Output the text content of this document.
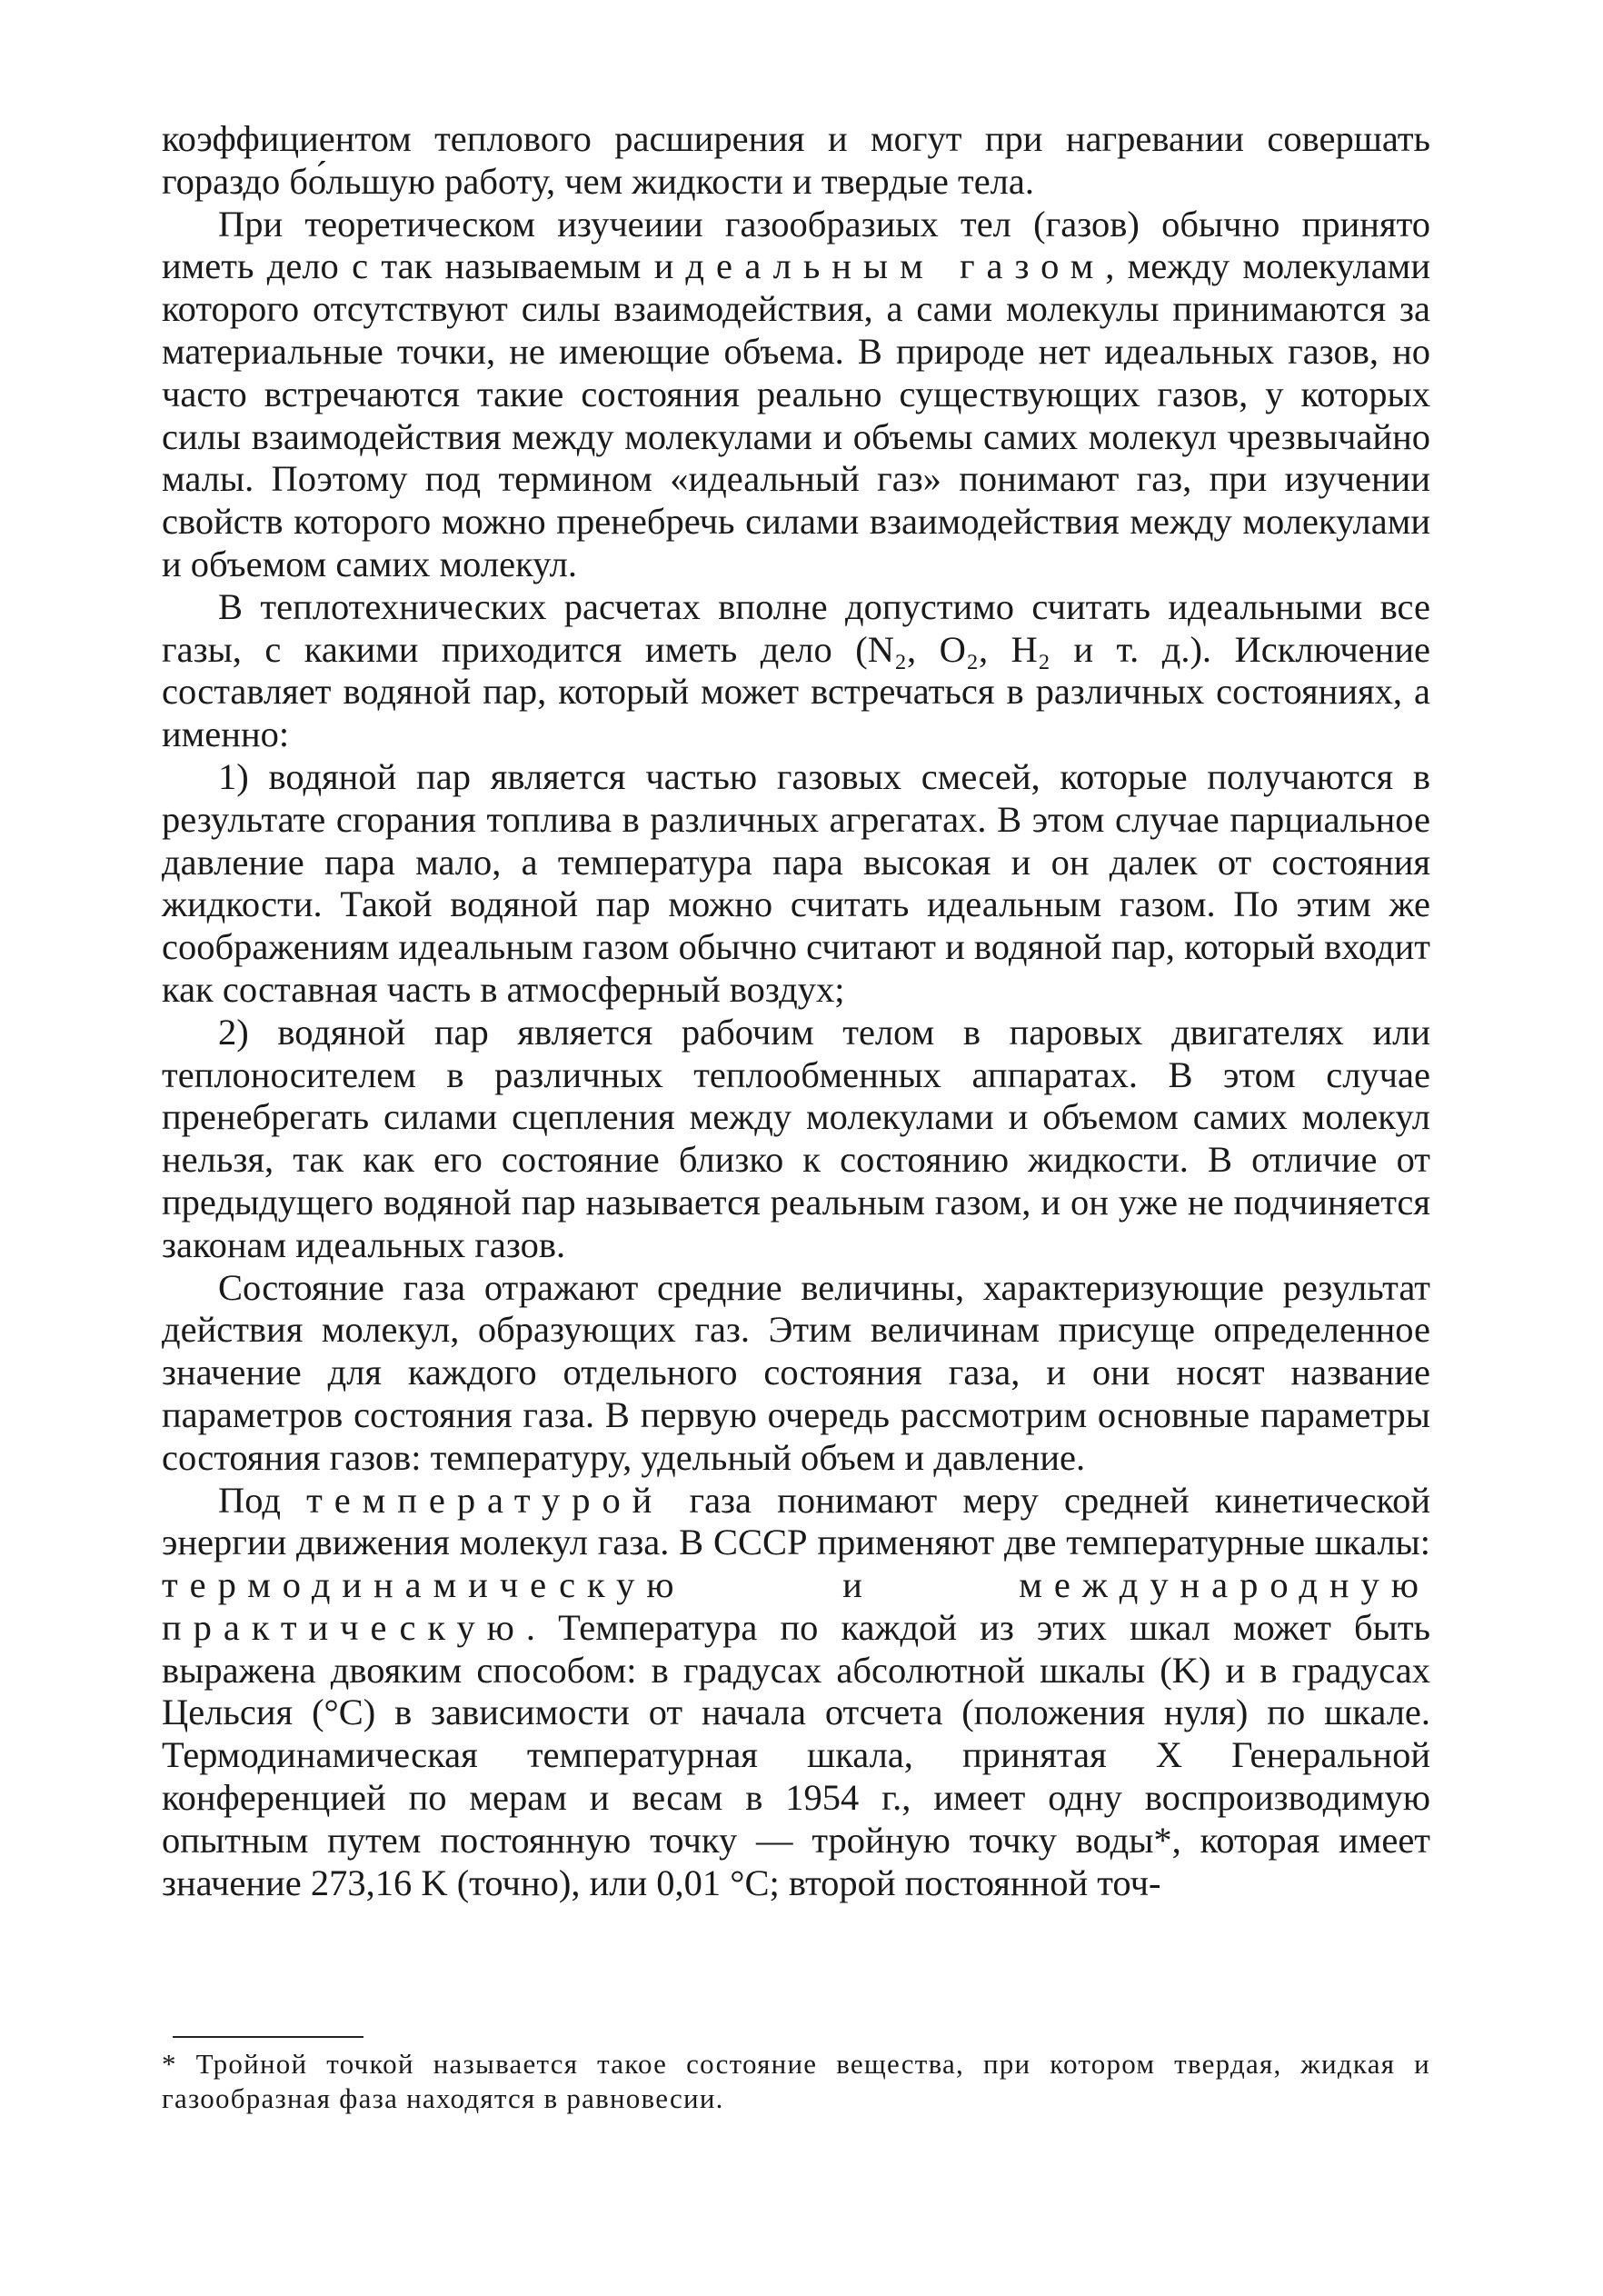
коэффициентом теплового расширения и могут при нагревании совершать гораздо бо́льшую работу, чем жидкости и твердые тела.

При теоретическом изучеиии газообразиых тел (газов) обычно принято иметь дело с так называемым идеальным газом, между молекулами которого отсутствуют силы взаимодействия, а сами молекулы принимаются за материальные точки, не имеющие объема. В природе нет идеальных газов, но часто встречаются такие состояния реально существующих газов, у которых силы взаимодействия между молекулами и объемы самих молекул чрезвычайно малы. Поэтому под термином «идеальный газ» понимают газ, при изучении свойств которого можно пренебречь силами взаимодействия между молекулами и объемом самих молекул.

В теплотехнических расчетах вполне допустимо считать идеальными все газы, с какими приходится иметь дело (N₂, O₂, H₂ и т. д.). Исключение составляет водяной пар, который может встречаться в различных состояниях, а именно:

1) водяной пар является частью газовых смесей, которые получаются в результате сгорания топлива в различных агрегатах. В этом случае парциальное давление пара мало, а температура пара высокая и он далек от состояния жидкости. Такой водяной пар можно считать идеальным газом. По этим же соображениям идеальным газом обычно считают и водяной пар, который входит как составная часть в атмосферный воздух;

2) водяной пар является рабочим телом в паровых двигателях или теплоносителем в различных теплообменных аппаратах. В этом случае пренебрегать силами сцепления между молекулами и объемом самих молекул нельзя, так как его состояние близко к состоянию жидкости. В отличие от предыдущего водяной пар называется реальным газом, и он уже не подчиняется законам идеальных газов.

Состояние газа отражают средние величины, характеризующие результат действия молекул, образующих газ. Этим величинам присуще определенное значение для каждого отдельного состояния газа, и они носят название параметров состояния газа. В первую очередь рассмотрим основные параметры состояния газов: температуру, удельный объем и давление.

Под температурой газа понимают меру средней кинетической энергии движения молекул газа. В СССР применяют две температурные шкалы: термодинамическую и международную практическую. Температура по каждой из этих шкал может быть выражена двояким способом: в градусах абсолютной шкалы (K) и в градусах Цельсия (°C) в зависимости от начала отсчета (положения нуля) по шкале. Термодинамическая температурная шкала, принятая X Генеральной конференцией по мерам и весам в 1954 г., имеет одну воспроизводимую опытным путем постоянную точку — тройную точку воды*, которая имеет значение 273,16 K (точно), или 0,01 °C; второй постоянной точ-

* Тройной точкой называется такое состояние вещества, при котором твердая, жидкая и газообразная фаза находятся в равновесии.
